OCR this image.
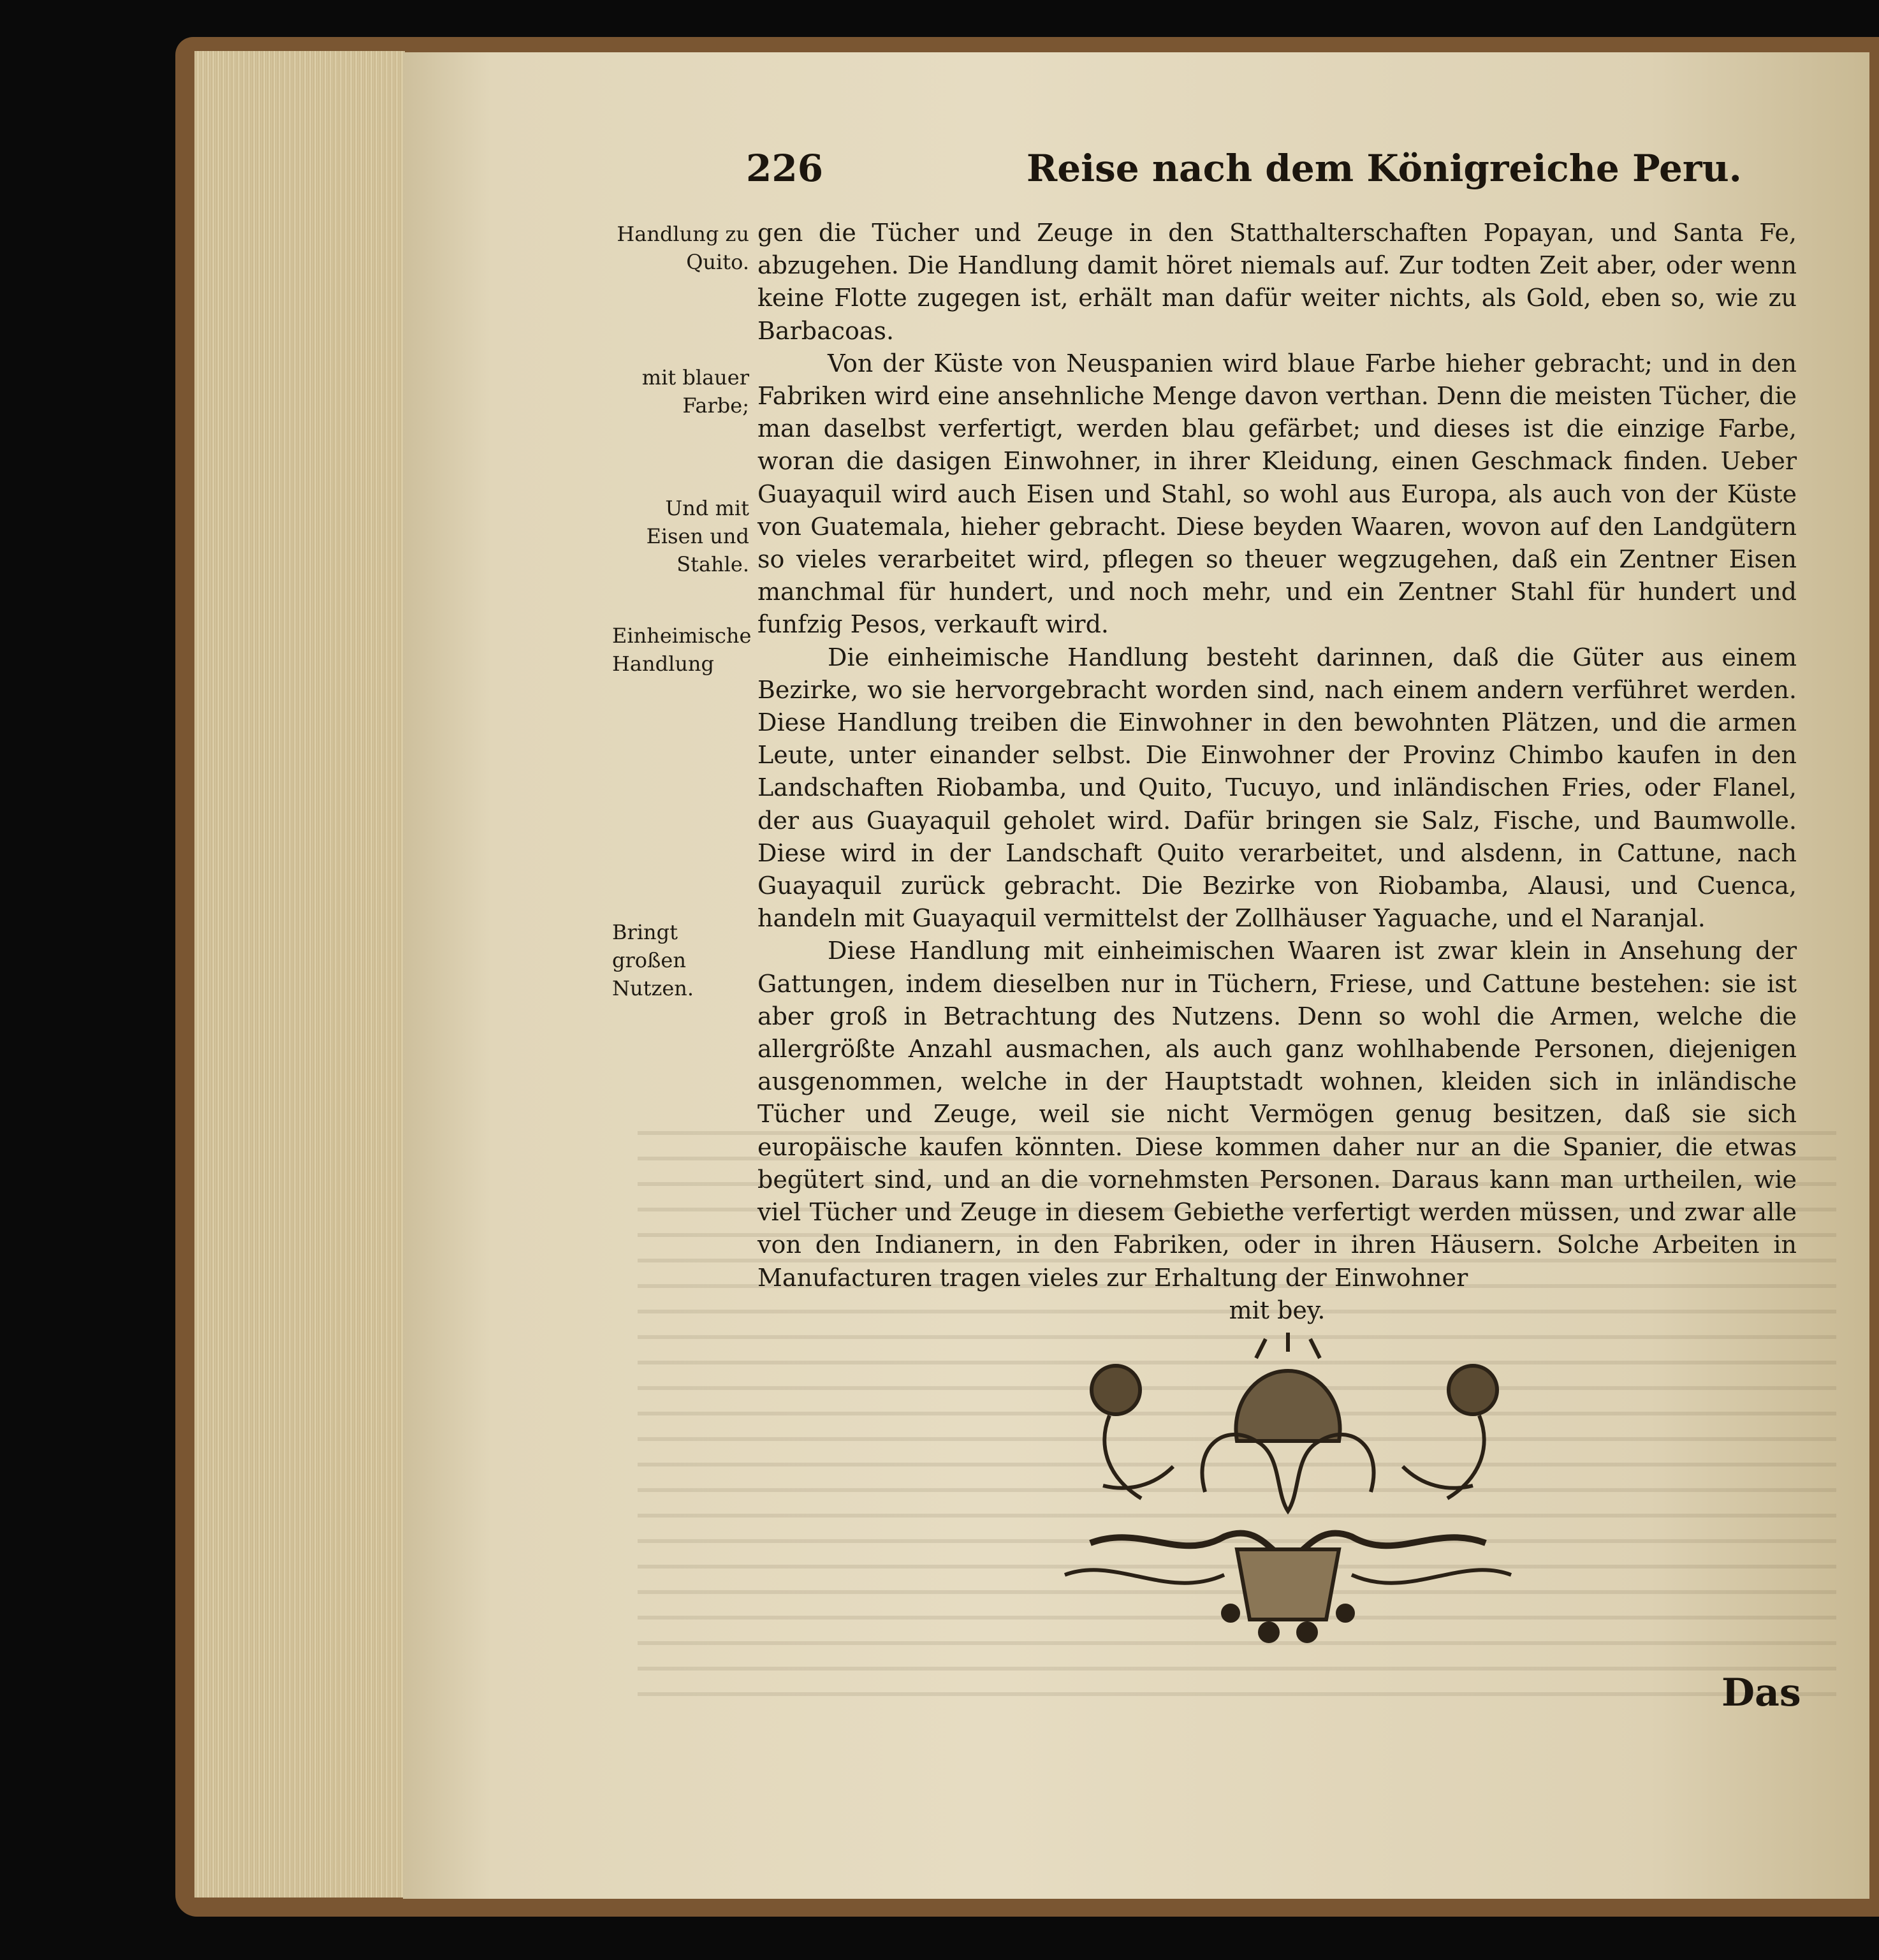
226	Reise nach dem Königreiche Peru.
Handlung zu Quito.
mit blauer Farbe;
Und mit Eisen und Stahle.
Einheimische Handlung
Bringt großen Nutzen.

gen die Tücher und Zeuge in den Statthalterschaften Popayan, und Santa Fe, abzugehen. Die Handlung damit höret niemals auf. Zur todten Zeit aber, oder wenn keine Flotte zugegen ist, erhält man dafür weiter nichts, als Gold, eben so, wie zu Barbacoas.

Von der Küste von Neuspanien wird blaue Farbe hieher gebracht; und in den Fabriken wird eine ansehnliche Menge davon verthan. Denn die meisten Tücher, die man daselbst verfertigt, werden blau gefärbet; und dieses ist die einzige Farbe, woran die dasigen Einwohner, in ihrer Kleidung, einen Geschmack finden. Ueber Guayaquil wird auch Eisen und Stahl, so wohl aus Europa, als auch von der Küste von Guatemala, hieher gebracht. Diese beyden Waaren, wovon auf den Landgütern so vieles verarbeitet wird, pflegen so theuer wegzugehen, daß ein Zentner Eisen manchmal für hundert, und noch mehr, und ein Zentner Stahl für hundert und funfzig Pesos, verkauft wird.

Die einheimische Handlung besteht darinnen, daß die Güter aus einem Bezirke, wo sie hervorgebracht worden sind, nach einem andern verführet werden. Diese Handlung treiben die Einwohner in den bewohnten Plätzen, und die armen Leute, unter einander selbst. Die Einwohner der Provinz Chimbo kaufen in den Landschaften Riobamba, und Quito, Tucuyo, und inländischen Fries, oder Flanel, der aus Guayaquil geholet wird. Dafür bringen sie Salz, Fische, und Baumwolle. Diese wird in der Landschaft Quito verarbeitet, und alsdenn, in Cattune, nach Guayaquil zurück gebracht. Die Bezirke von Riobamba, Alausi, und Cuenca, handeln mit Guayaquil vermittelst der Zollhäuser Yaguache, und el Naranjal.

Diese Handlung mit einheimischen Waaren ist zwar klein in Ansehung der Gattungen, indem dieselben nur in Tüchern, Friese, und Cattune bestehen: sie ist aber groß in Betrachtung des Nutzens. Denn so wohl die Armen, welche die allergrößte Anzahl ausmachen, als auch ganz wohlhabende Personen, diejenigen ausgenommen, welche in der Hauptstadt wohnen, kleiden sich in inländische Tücher und Zeuge, weil sie nicht Vermögen genug besitzen, daß sie sich europäische kaufen könnten. Diese kommen daher nur an die Spanier, die etwas begütert sind, und an die vornehmsten Personen. Daraus kann man urtheilen, wie viel Tücher und Zeuge in diesem Gebiethe verfertigt werden müssen, und zwar alle von den Indianern, in den Fabriken, oder in ihren Häusern. Solche Arbeiten in Manufacturen tragen vieles zur Erhaltung der Einwohner

mit bey.

Das
